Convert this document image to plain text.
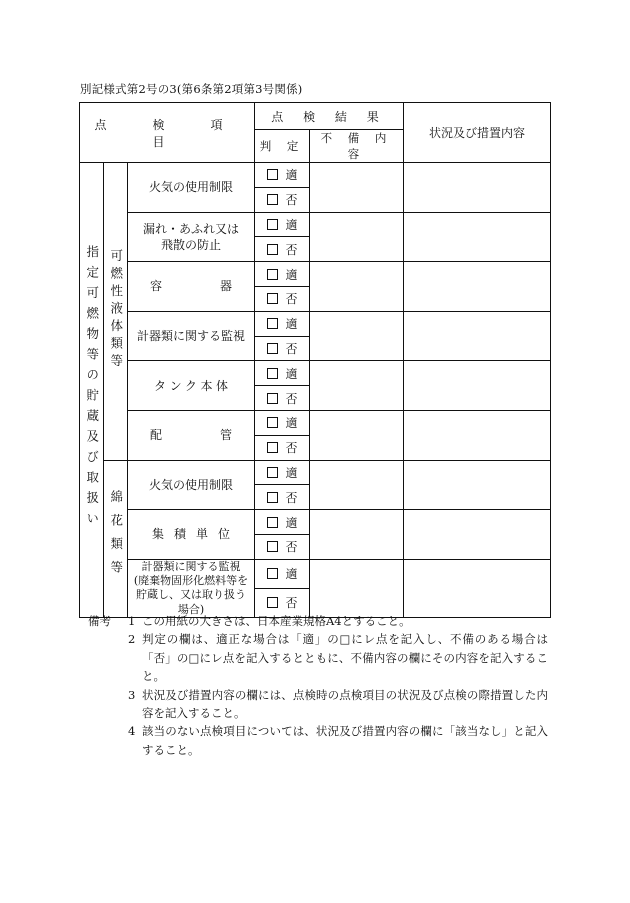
別記様式第2号の3(第6条第2項第3号関係)
点　検　項　目			点 検 結 果		状況及び措置内容
			判 定	不 備 内 容	
指定可燃物等の貯蔵及び取扱い	可燃性液体類等	火気の使用制限	適		
			否		

		漏れ・あふれ又は飛散の防止	適		
			否		

		容器	適		
			否		

		計器類に関する監視	適		
			否		

		タンク本体	適		
			否		

		配管	適		
			否		
	綿花類等	火気の使用制限	適		
			否		

		集積単位	適		
			否		

		計器類に関する監視
(廃棄物固形化燃料等を貯蔵し、又は取り扱う場合)	適		
			否		
備考	1 この用紙の大きさは、日本産業規格A4とすること。
2 判定の欄は、適正な場合は「適」の□にレ点を記入し、不備のある場合は「否」の□にレ点を記入するとともに、不備内容の欄にその内容を記入すること。
3 状況及び措置内容の欄には、点検時の点検項目の状況及び点検の際措置した内容を記入すること。
4 該当のない点検項目については、状況及び措置内容の欄に「該当なし」と記入すること。
